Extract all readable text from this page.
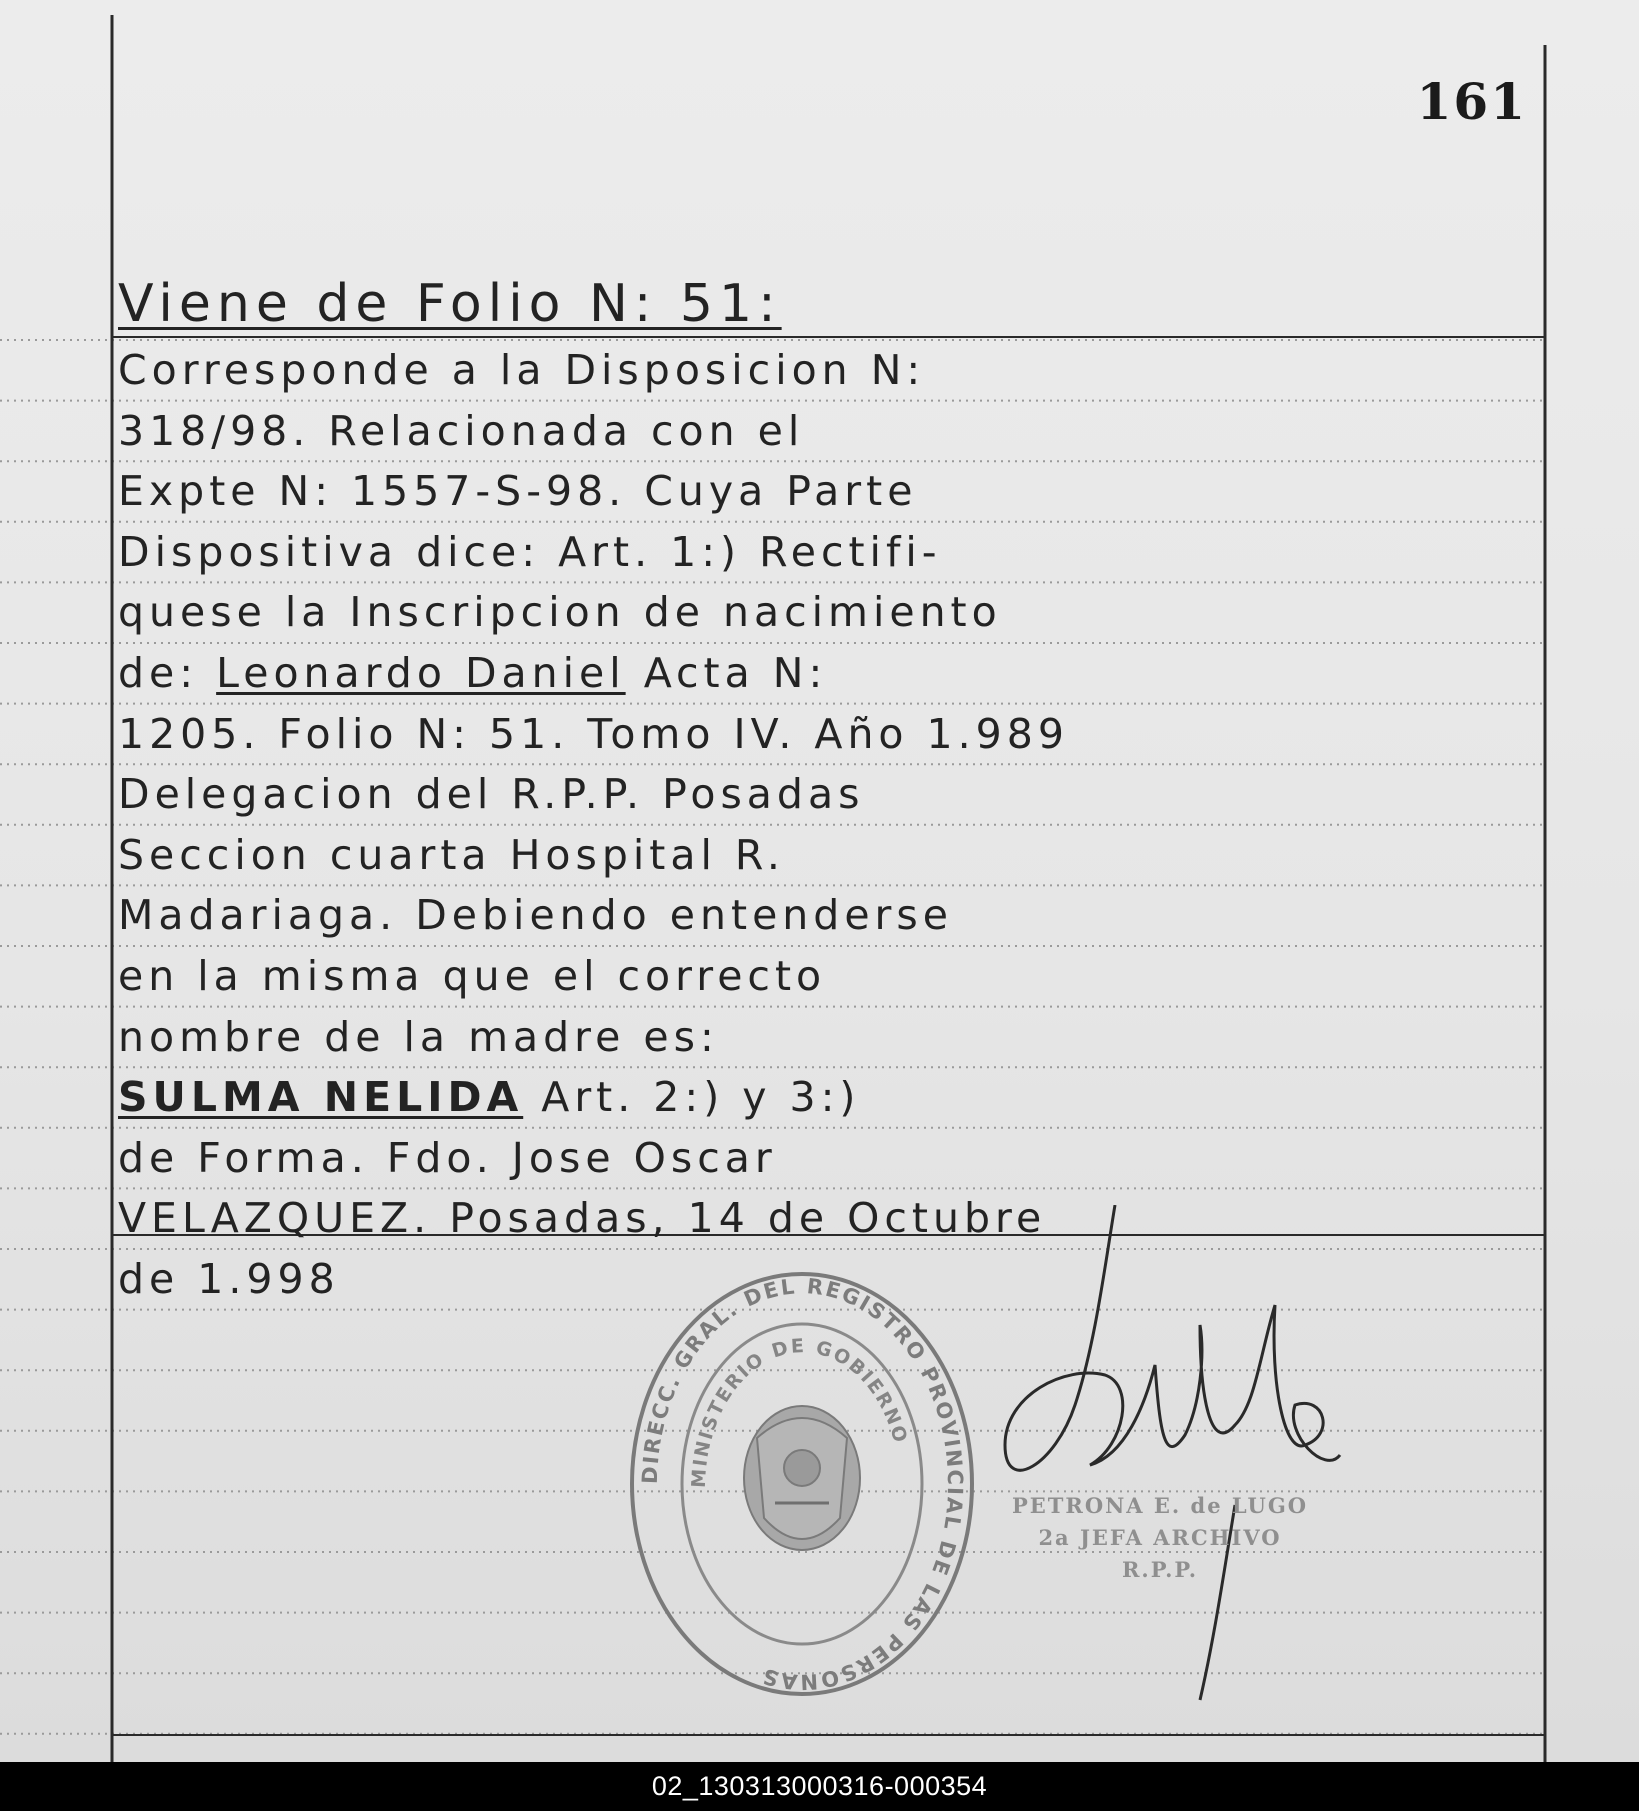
161
Viene de Folio N: 51:
Corresponde a la Disposicion N:
318/98. Relacionada con el
Expte N: 1557-S-98. Cuya Parte
Dispositiva dice: Art. 1:) Rectifi-
quese la Inscripcion de nacimiento
de: Leonardo Daniel Acta N:
1205. Folio N: 51. Tomo IV. Año 1.989
Delegacion del R.P.P. Posadas
Seccion cuarta Hospital R.
Madariaga. Debiendo entenderse
en la misma que el correcto
nombre de la madre es:
SULMA NELIDA Art. 2:) y 3:)
de Forma. Fdo. Jose Oscar
VELAZQUEZ. Posadas, 14 de Octubre
de 1.998
DIRECC. GRAL. DEL REGISTRO PROVINCIAL DE LAS PERSONAS
MINISTERIO DE GOBIERNO
PETRONA E. de LUGO
2a JEFA ARCHIVO
R.P.P.
02_130313000316-000354
